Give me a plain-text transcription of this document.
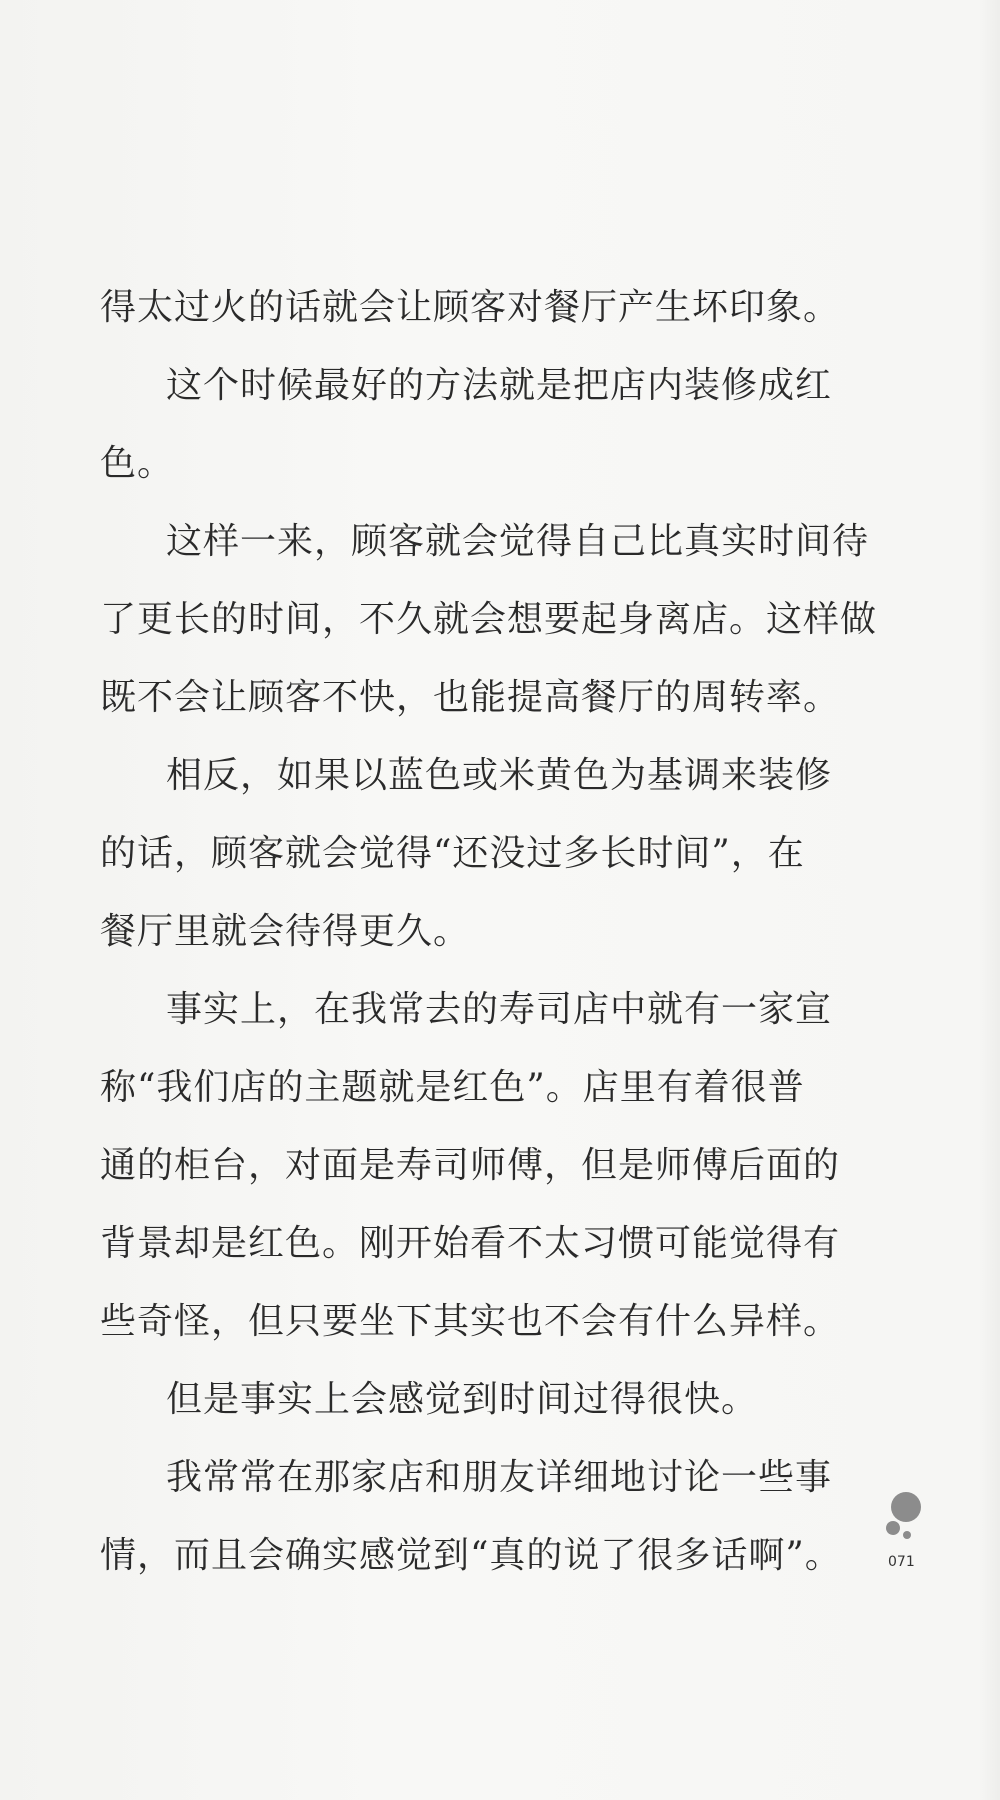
得太过火的话就会让顾客对餐厅产生坏印象。
这个时候最好的方法就是把店内装修成红
色。
这样一来，顾客就会觉得自己比真实时间待
了更长的时间，不久就会想要起身离店。这样做
既不会让顾客不快，也能提高餐厅的周转率。
相反，如果以蓝色或米黄色为基调来装修
的话，顾客就会觉得“还没过多长时间”，在
餐厅里就会待得更久。
事实上，在我常去的寿司店中就有一家宣
称“我们店的主题就是红色”。店里有着很普
通的柜台，对面是寿司师傅，但是师傅后面的
背景却是红色。刚开始看不太习惯可能觉得有
些奇怪，但只要坐下其实也不会有什么异样。
但是事实上会感觉到时间过得很快。
我常常在那家店和朋友详细地讨论一些事
情，而且会确实感觉到“真的说了很多话啊”。	071
